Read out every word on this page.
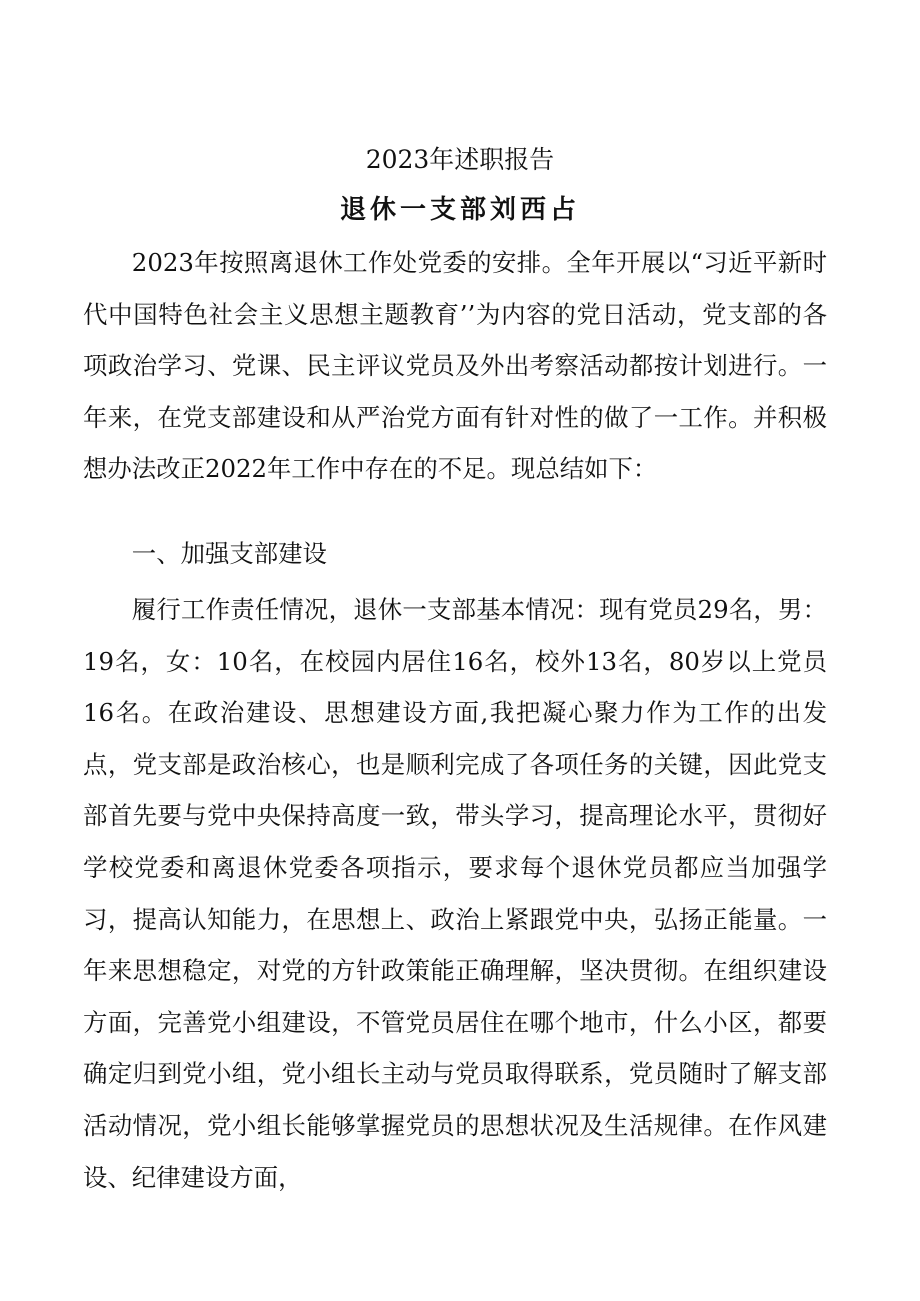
2023年述职报告
退休一支部刘西占

2023年按照离退休工作处党委的安排。全年开展以“习近平新时代中国特色社会主义思想主题教育’’为内容的党日活动，党支部的各项政治学习、党课、民主评议党员及外出考察活动都按计划进行。一年来，在党支部建设和从严治党方面有针对性的做了一工作。并积极想办法改正2022年工作中存在的不足。现总结如下：

一、加强支部建设

履行工作责任情况，退休一支部基本情况：现有党员29名，男：19名，女：10名，在校园内居住16名，校外13名，80岁以上党员16名。在政治建设、思想建设方面,我把凝心聚力作为工作的出发点，党支部是政治核心，也是顺利完成了各项任务的关键，因此党支部首先要与党中央保持高度一致，带头学习，提高理论水平，贯彻好学校党委和离退休党委各项指示，要求每个退休党员都应当加强学习，提高认知能力，在思想上、政治上紧跟党中央，弘扬正能量。一年来思想稳定，对党的方针政策能正确理解，坚决贯彻。在组织建设方面，完善党小组建设，不管党员居住在哪个地市，什么小区，都要确定归到党小组，党小组长主动与党员取得联系，党员随时了解支部活动情况，党小组长能够掌握党员的思想状况及生活规律。在作风建设、纪律建设方面，
